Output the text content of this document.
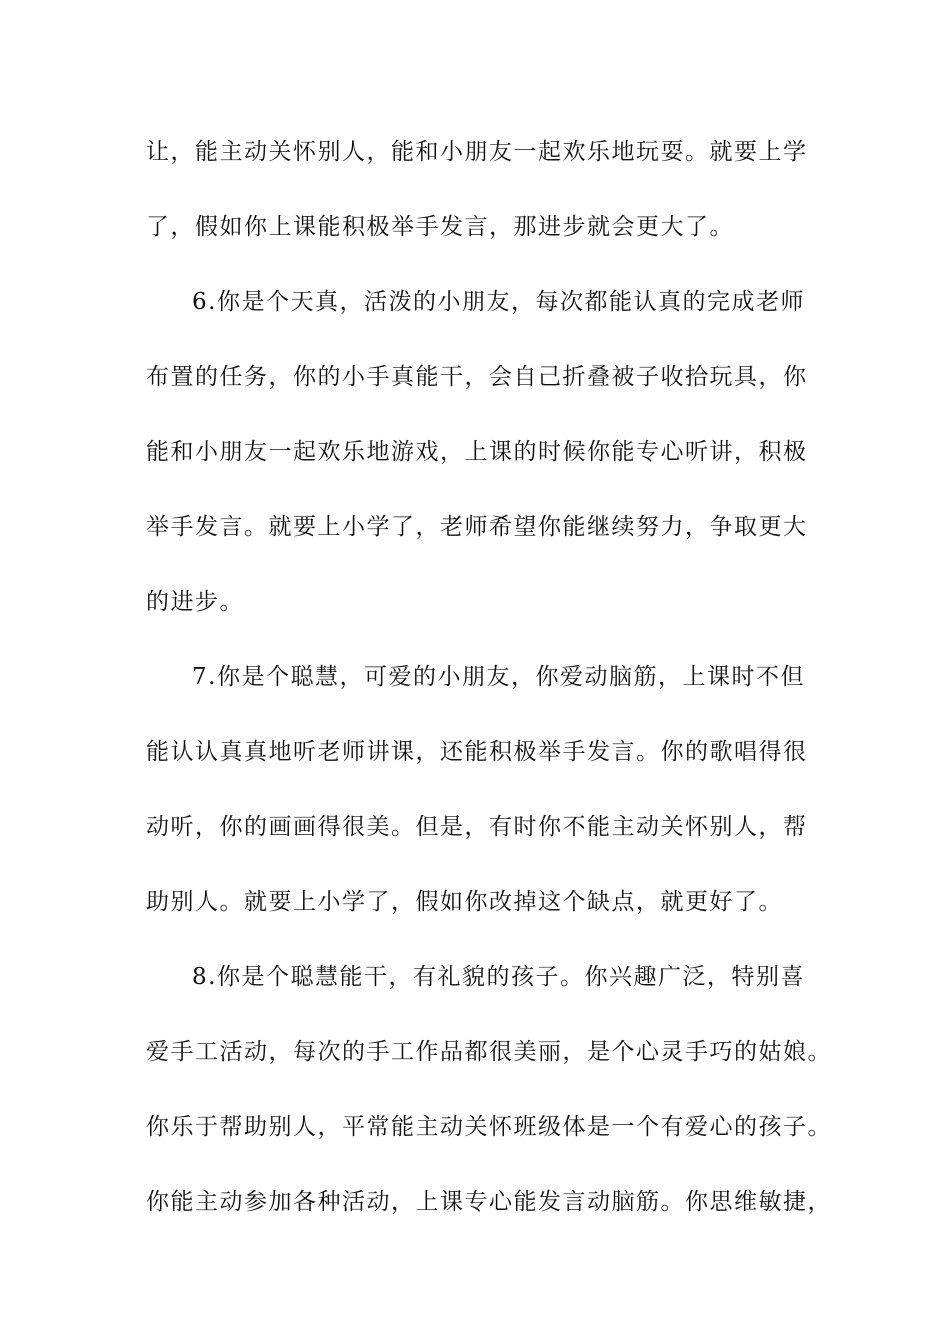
让，能主动关怀别人，能和小朋友一起欢乐地玩耍。就要上学
了，假如你上课能积极举手发言，那进步就会更大了。
6.你是个天真，活泼的小朋友，每次都能认真的完成老师
布置的任务，你的小手真能干，会自己折叠被子收拾玩具，你
能和小朋友一起欢乐地游戏，上课的时候你能专心听讲，积极
举手发言。就要上小学了，老师希望你能继续努力，争取更大
的进步。
7.你是个聪慧，可爱的小朋友，你爱动脑筋，上课时不但
能认认真真地听老师讲课，还能积极举手发言。你的歌唱得很
动听，你的画画得很美。但是，有时你不能主动关怀别人，帮
助别人。就要上小学了，假如你改掉这个缺点，就更好了。
8.你是个聪慧能干，有礼貌的孩子。你兴趣广泛，特别喜
爱手工活动，每次的手工作品都很美丽，是个心灵手巧的姑娘。
你乐于帮助别人，平常能主动关怀班级体是一个有爱心的孩子。
你能主动参加各种活动，上课专心能发言动脑筋。你思维敏捷，
